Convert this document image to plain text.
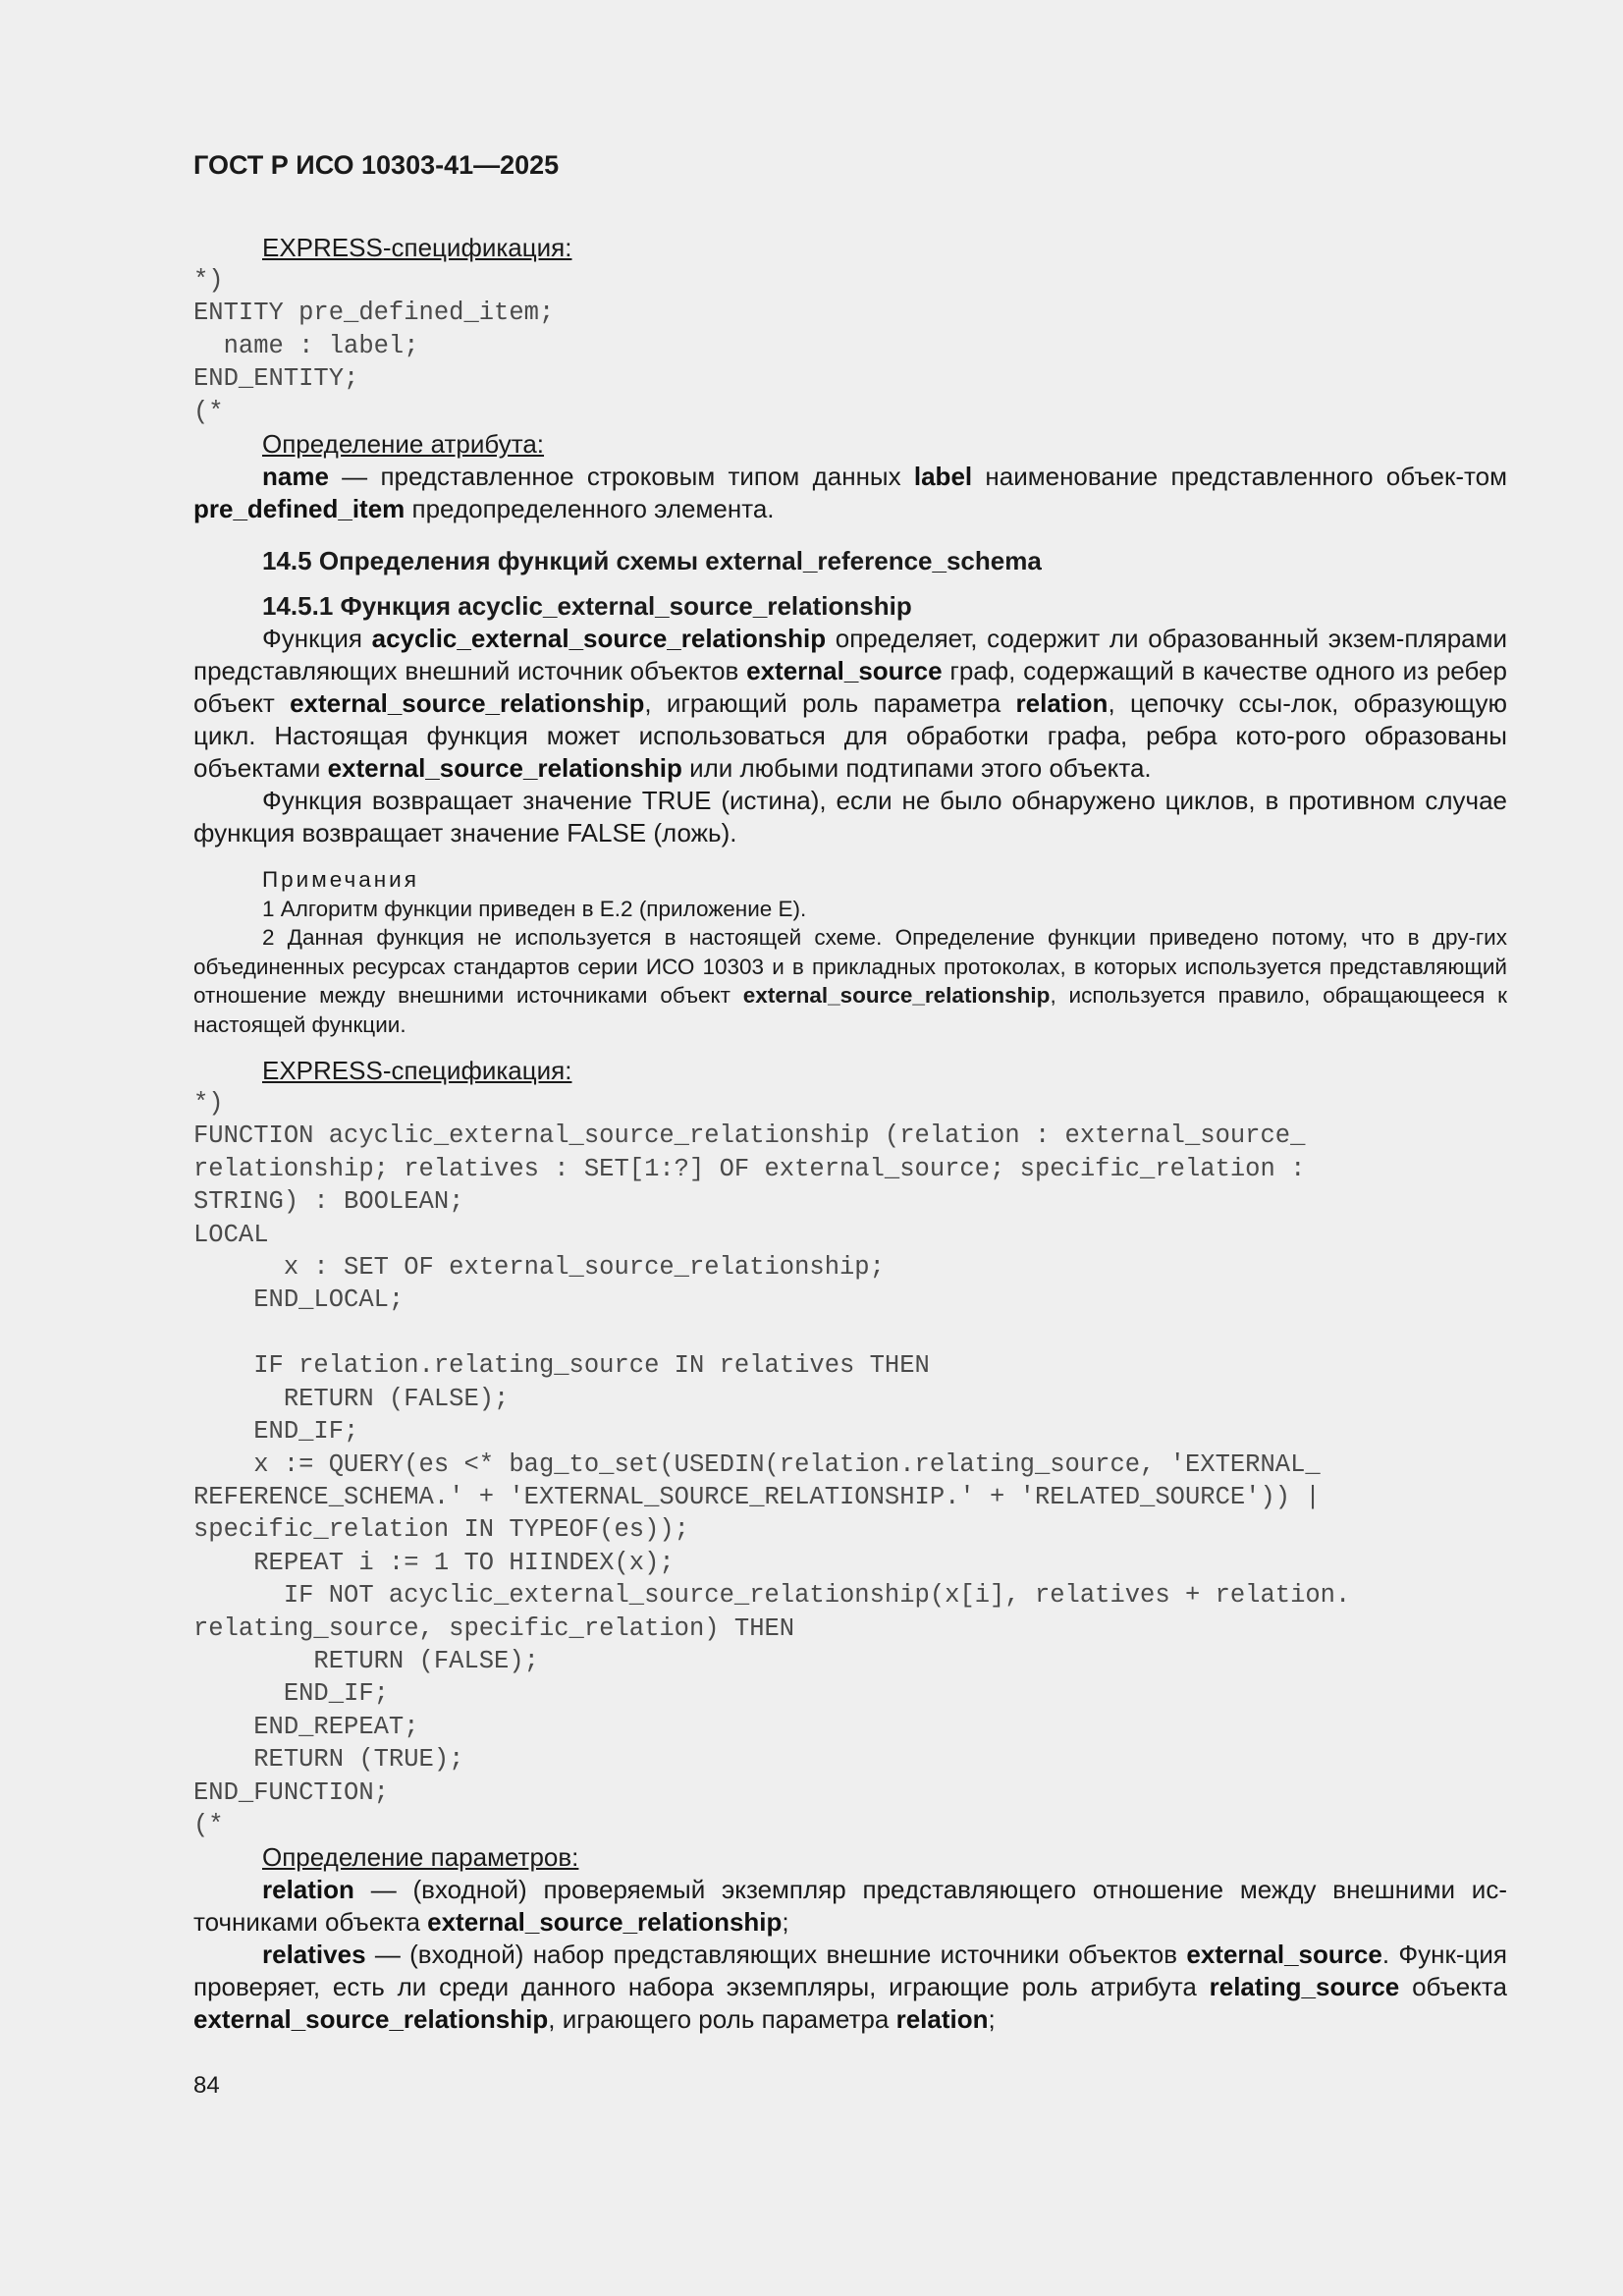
ГОСТ Р ИСО 10303-41—2025
EXPRESS-спецификация:
*)
ENTITY pre_defined_item;
name : label;
END_ENTITY;
(*
Определение атрибута:

name — представленное строковым типом данных label наименование представленного объек-том pre_defined_item предопределенного элемента.

14.5 Определения функций схемы external_reference_schema
14.5.1 Функция acyclic_external_source_relationship

Функция acyclic_external_source_relationship определяет, содержит ли образованный экзем-плярами представляющих внешний источник объектов external_source граф, содержащий в качестве одного из ребер объект external_source_relationship, играющий роль параметра relation, цепочку ссы-лок, образующую цикл. Настоящая функция может использоваться для обработки графа, ребра кото-рого образованы объектами external_source_relationship или любыми подтипами этого объекта.

Функция возвращает значение TRUE (истина), если не было обнаружено циклов, в противном случае функция возвращает значение FALSE (ложь).

Примечания

1 Алгоритм функции приведен в Е.2 (приложение Е).

2 Данная функция не используется в настоящей схеме. Определение функции приведено потому, что в дру-гих объединенных ресурсах стандартов серии ИСО 10303 и в прикладных протоколах, в которых используется представляющий отношение между внешними источниками объект external_source_relationship, используется правило, обращающееся к настоящей функции.

EXPRESS-спецификация:
*)
FUNCTION acyclic_external_source_relationship (relation : external_source_
relationship; relatives : SET[1:?] OF external_source; specific_relation :
STRING) : BOOLEAN;
LOCAL
x : SET OF external_source_relationship;
END_LOCAL;

IF relation.relating_source IN relatives THEN
RETURN (FALSE);
END_IF;
x := QUERY(es <* bag_to_set(USEDIN(relation.relating_source, 'EXTERNAL_
REFERENCE_SCHEMA.' + 'EXTERNAL_SOURCE_RELATIONSHIP.' + 'RELATED_SOURCE')) |
specific_relation IN TYPEOF(es));
REPEAT i := 1 TO HIINDEX(x);
IF NOT acyclic_external_source_relationship(x[i], relatives + relation.
relating_source, specific_relation) THEN
RETURN (FALSE);
END_IF;
END_REPEAT;
RETURN (TRUE);
END_FUNCTION;
(*
Определение параметров:

relation — (входной) проверяемый экземпляр представляющего отношение между внешними ис-точниками объекта external_source_relationship;

relatives — (входной) набор представляющих внешние источники объектов external_source. Функ-ция проверяет, есть ли среди данного набора экземпляры, играющие роль атрибута relating_source объекта external_source_relationship, играющего роль параметра relation;

84
